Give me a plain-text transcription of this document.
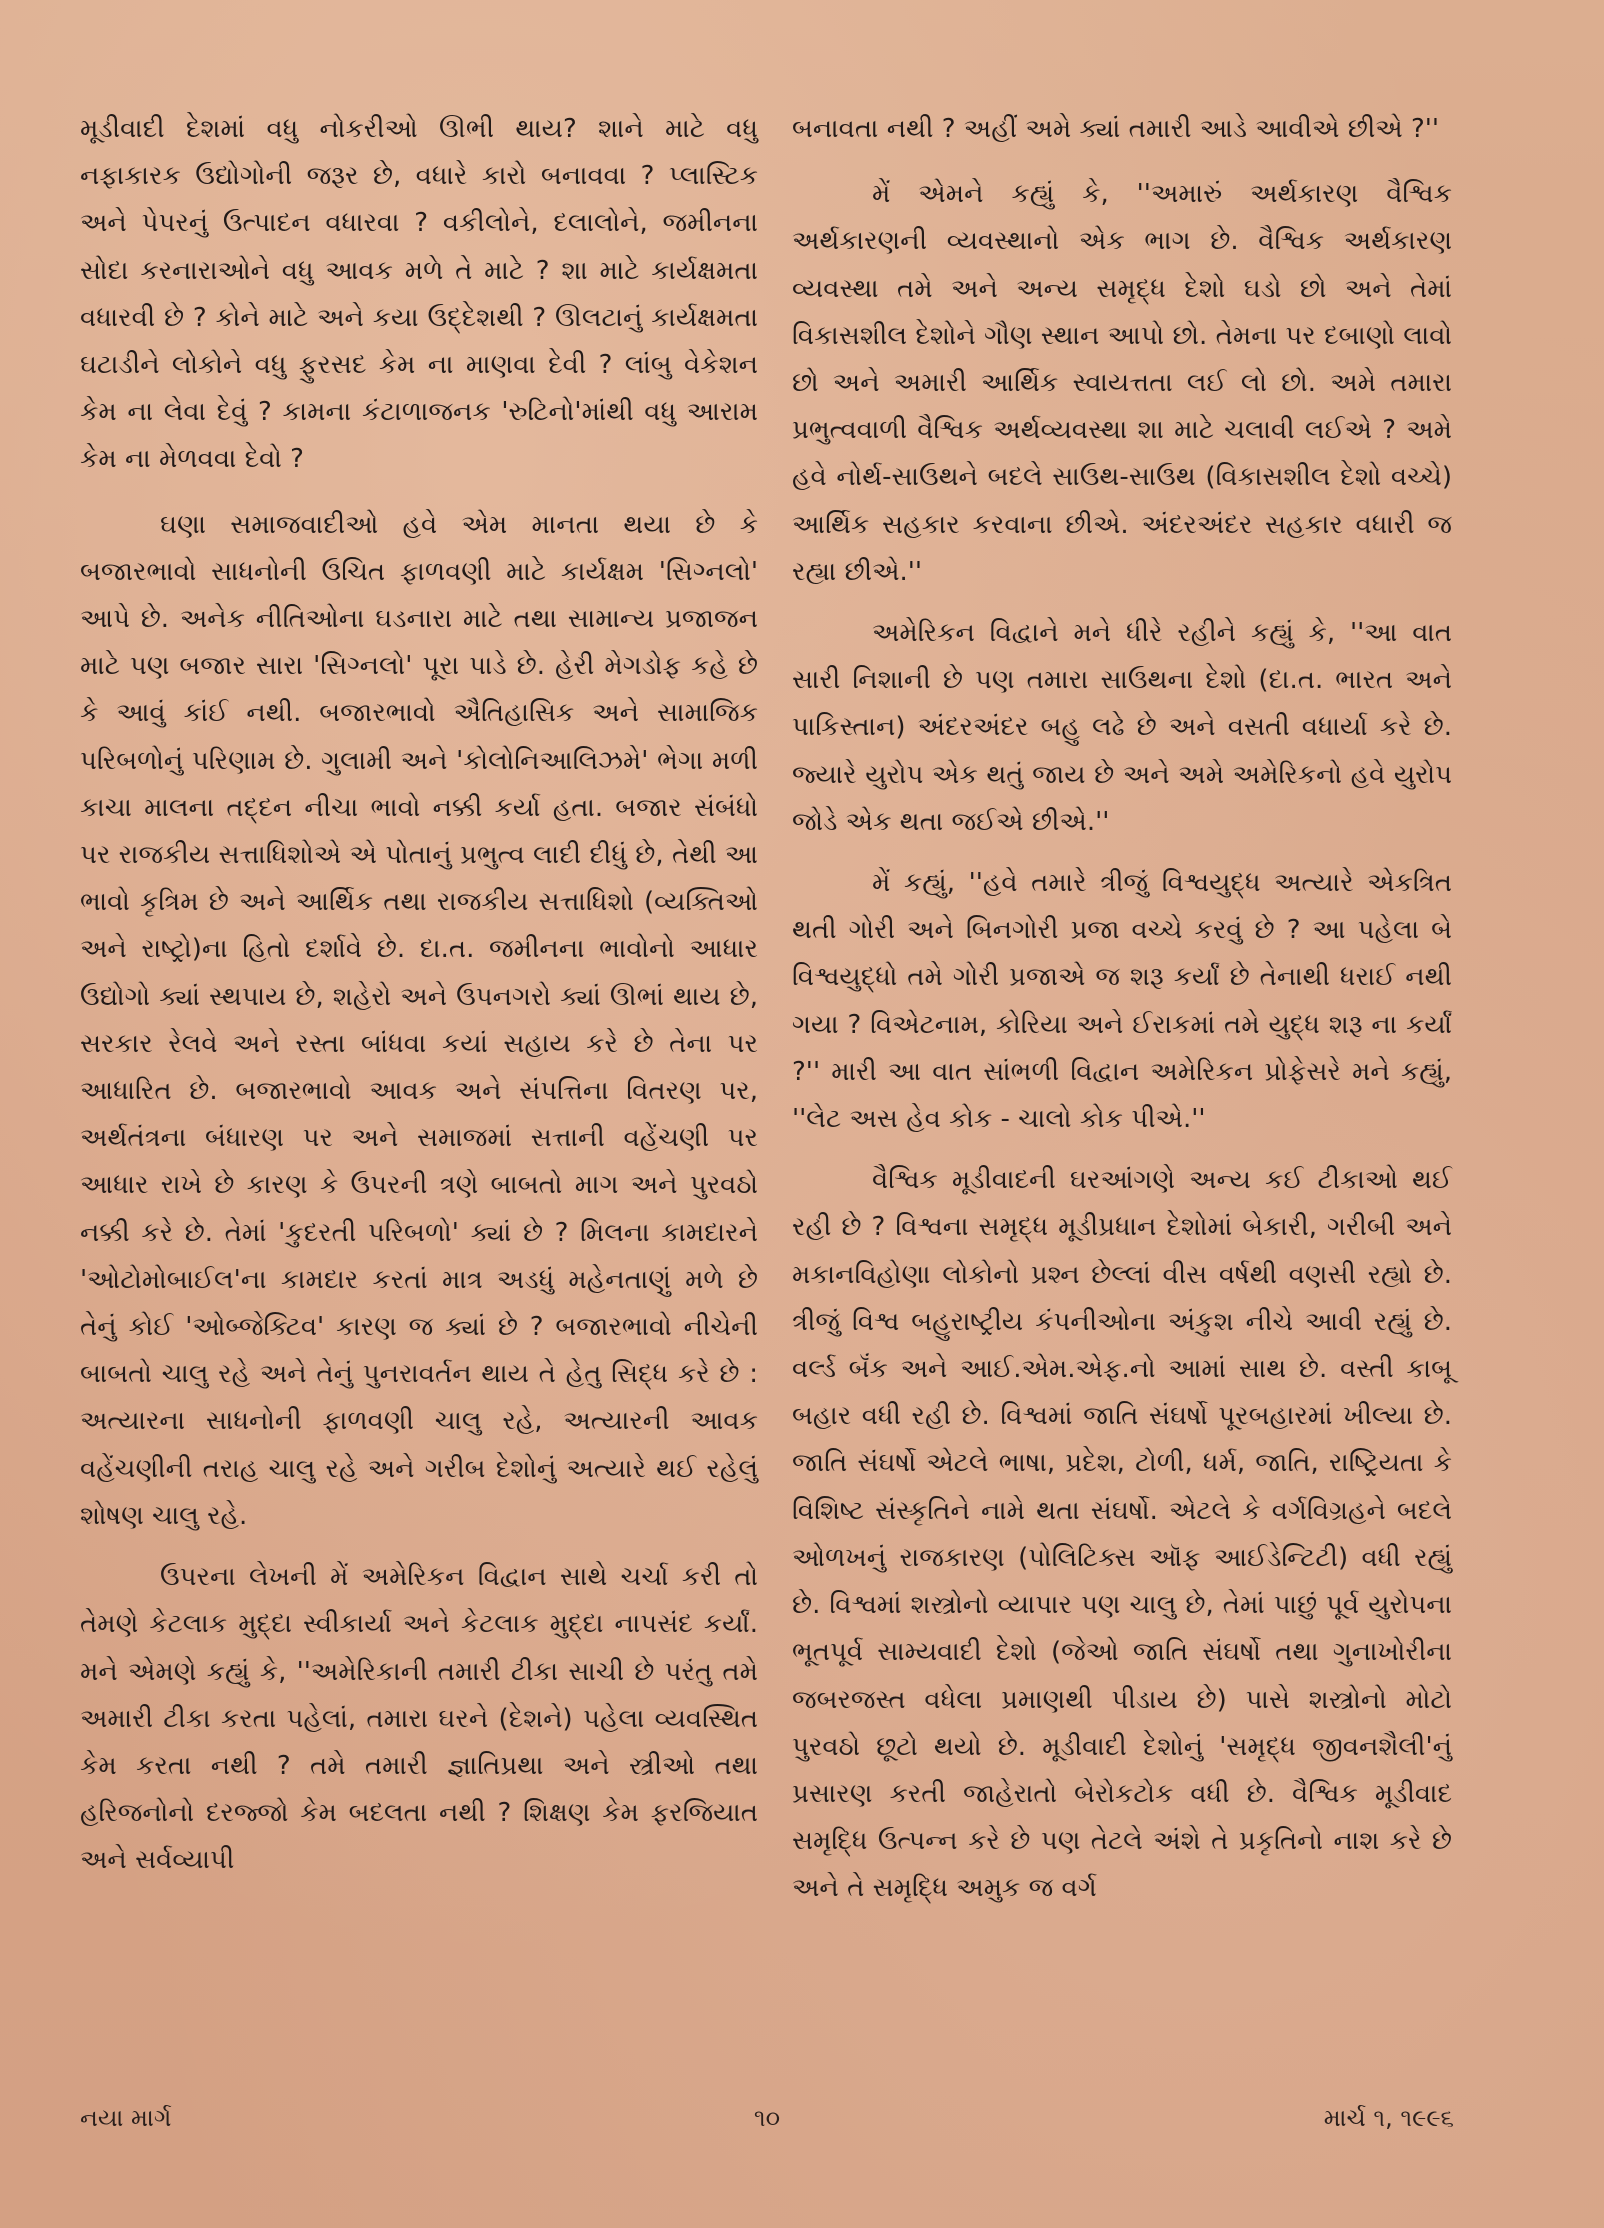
મૂડીવાદી દેશમાં વધુ નોકરીઓ ઊભી થાય? શાને માટે વધુ નફાકારક ઉદ્યોગોની જરૂર છે, વધારે કારો બનાવવા ? પ્લાસ્ટિક અને પેપરનું ઉત્પાદન વધારવા ? વકીલોને, દલાલોને, જમીનના સોદા કરનારાઓને વધુ આવક મળે તે માટે ? શા માટે કાર્યક્ષમતા વધારવી છે ? કોને માટે અને કયા ઉદ્દેશથી ? ઊલટાનું કાર્યક્ષમતા ઘટાડીને લોકોને વધુ ફુરસદ કેમ ના માણવા દેવી ? લાંબુ વેકેશન કેમ ના લેવા દેવું ? કામના કંટાળાજનક 'રુટિનો'માંથી વધુ આરામ કેમ ના મેળવવા દેવો ?

ઘણા સમાજવાદીઓ હવે એમ માનતા થયા છે કે બજારભાવો સાધનોની ઉચિત ફાળવણી માટે કાર્યક્ષમ 'સિગ્નલો' આપે છે. અનેક નીતિઓના ઘડનારા માટે તથા સામાન્ય પ્રજાજન માટે પણ બજાર સારા 'સિગ્નલો' પૂરા પાડે છે. હેરી મેગડોફ કહે છે કે આવું કાંઈ નથી. બજારભાવો ઐતિહાસિક અને સામાજિક પરિબળોનું પરિણામ છે. ગુલામી અને 'કોલોનિઆલિઝમે' ભેગા મળી કાચા માલના તદ્દન નીચા ભાવો નક્કી કર્યા હતા. બજાર સંબંધો પર રાજકીય સત્તાધિશોએ એ પોતાનું પ્રભુત્વ લાદી દીધું છે, તેથી આ ભાવો કૃત્રિમ છે અને આર્થિક તથા રાજકીય સત્તાધિશો (વ્યક્તિઓ અને રાષ્ટ્રો)ના હિતો દર્શાવે છે. દા.ત. જમીનના ભાવોનો આધાર ઉદ્યોગો ક્યાં સ્થપાય છે, શહેરો અને ઉપનગરો ક્યાં ઊભાં થાય છે, સરકાર રેલવે અને રસ્તા બાંધવા કયાં સહાય કરે છે તેના પર આધારિત છે. બજારભાવો આવક અને સંપત્તિના વિતરણ પર, અર્થતંત્રના બંધારણ પર અને સમાજમાં સત્તાની વહેંચણી પર આધાર રાખે છે કારણ કે ઉપરની ત્રણે બાબતો માગ અને પુરવઠો નક્કી કરે છે. તેમાં 'કુદરતી પરિબળો' ક્યાં છે ? મિલના કામદારને 'ઓટોમોબાઈલ'ના કામદાર કરતાં માત્ર અડધું મહેનતાણું મળે છે તેનું કોઈ 'ઓબ્જેક્ટિવ' કારણ જ ક્યાં છે ? બજારભાવો નીચેની બાબતો ચાલુ રહે અને તેનું પુનરાવર્તન થાય તે હેતુ સિદ્ધ કરે છે : અત્યારના સાધનોની ફાળવણી ચાલુ રહે, અત્યારની આવક વહેંચણીની તરાહ ચાલુ રહે અને ગરીબ દેશોનું અત્યારે થઈ રહેલું શોષણ ચાલુ રહે.

ઉપરના લેખની મેં અમેરિકન વિદ્વાન સાથે ચર્ચા કરી તો તેમણે કેટલાક મુદ્દા સ્વીકાર્યા અને કેટલાક મુદ્દા નાપસંદ કર્યાં. મને એમણે કહ્યું કે, ''અમેરિકાની તમારી ટીકા સાચી છે પરંતુ તમે અમારી ટીકા કરતા પહેલાં, તમારા ઘરને (દેશને) પહેલા વ્યવસ્થિત કેમ કરતા નથી ? તમે તમારી જ્ઞાતિપ્રથા અને સ્ત્રીઓ તથા હરિજનોનો દરજ્જો કેમ બદલતા નથી ? શિક્ષણ કેમ ફરજિયાત અને સર્વવ્યાપી

બનાવતા નથી ? અહીં અમે ક્યાં તમારી આડે આવીએ છીએ ?''

મેં એમને કહ્યું કે, ''અમારું અર્થકારણ વૈશ્વિક અર્થકારણની વ્યવસ્થાનો એક ભાગ છે. વૈશ્વિક અર્થકારણ વ્યવસ્થા તમે અને અન્ય સમૃદ્ધ દેશો ઘડો છો અને તેમાં વિકાસશીલ દેશોને ગૌણ સ્થાન આપો છો. તેમના પર દબાણો લાવો છો અને અમારી આર્થિક સ્વાયત્તતા લઈ લો છો. અમે તમારા પ્રભુત્વવાળી વૈશ્વિક અર્થવ્યવસ્થા શા માટે ચલાવી લઈએ ? અમે હવે નોર્થ-સાઉથને બદલે સાઉથ-સાઉથ (વિકાસશીલ દેશો વચ્ચે) આર્થિક સહકાર કરવાના છીએ. અંદરઅંદર સહકાર વધારી જ રહ્યા છીએ.''

અમેરિકન વિદ્વાને મને ધીરે રહીને કહ્યું કે, ''આ વાત સારી નિશાની છે પણ તમારા સાઉથના દેશો (દા.ત. ભારત અને પાકિસ્તાન) અંદરઅંદર બહુ લઢે છે અને વસતી વધાર્યા કરે છે. જ્યારે યુરોપ એક થતું જાય છે અને અમે અમેરિકનો હવે યુરોપ જોડે એક થતા જઈએ છીએ.''

મેં કહ્યું, ''હવે તમારે ત્રીજું વિશ્વયુદ્ધ અત્યારે એકત્રિત થતી ગોરી અને બિનગોરી પ્રજા વચ્ચે કરવું છે ? આ પહેલા બે વિશ્વયુદ્ધો તમે ગોરી પ્રજાએ જ શરૂ કર્યાં છે તેનાથી ધરાઈ નથી ગયા ? વિએટનામ, કોરિયા અને ઈરાકમાં તમે યુદ્ધ શરૂ ના કર્યાં ?'' મારી આ વાત સાંભળી વિદ્વાન અમેરિકન પ્રોફેસરે મને કહ્યું, ''લેટ અસ હેવ કોક - ચાલો કોક પીએ.''

વૈશ્વિક મૂડીવાદની ઘરઆંગણે અન્ય કઈ ટીકાઓ થઈ રહી છે ? વિશ્વના સમૃદ્ધ મૂડીપ્રધાન દેશોમાં બેકારી, ગરીબી અને મકાનવિહોણા લોકોનો પ્રશ્ન છેલ્લાં વીસ વર્ષથી વણસી રહ્યો છે. ત્રીજું વિશ્વ બહુરાષ્ટ્રીય કંપનીઓના અંકુશ નીચે આવી રહ્યું છે. વર્લ્ડ બૅંક અને આઈ.એમ.એફ.નો આમાં સાથ છે. વસ્તી કાબૂ બહાર વધી રહી છે. વિશ્વમાં જાતિ સંઘર્ષો પૂરબહારમાં ખીલ્યા છે. જાતિ સંઘર્ષો એટલે ભાષા, પ્રદેશ, ટોળી, ધર્મ, જાતિ, રાષ્ટ્રિયતા કે વિશિષ્ટ સંસ્કૃતિને નામે થતા સંઘર્ષો. એટલે કે વર્ગવિગ્રહને બદલે ઓળખનું રાજકારણ (પોલિટિક્સ ઑફ આઈડેન્ટિટી) વધી રહ્યું છે. વિશ્વમાં શસ્ત્રોનો વ્યાપાર પણ ચાલુ છે, તેમાં પાછું પૂર્વ યુરોપના ભૂતપૂર્વ સામ્યવાદી દેશો (જેઓ જાતિ સંઘર્ષો તથા ગુનાખોરીના જબરજસ્ત વધેલા પ્રમાણથી પીડાય છે) પાસે શસ્ત્રોનો મોટો પુરવઠો છૂટો થયો છે. મૂડીવાદી દેશોનું 'સમૃદ્ધ જીવનશૈલી'નું પ્રસારણ કરતી જાહેરાતો બેરોકટોક વધી છે. વૈશ્વિક મૂડીવાદ સમૃદ્ધિ ઉત્પન્ન કરે છે પણ તેટલે અંશે તે પ્રકૃતિનો નાશ કરે છે અને તે સમૃદ્ધિ અમુક જ વર્ગ

નયા માર્ગ	૧૦	માર્ચ ૧, ૧૯૯૬
